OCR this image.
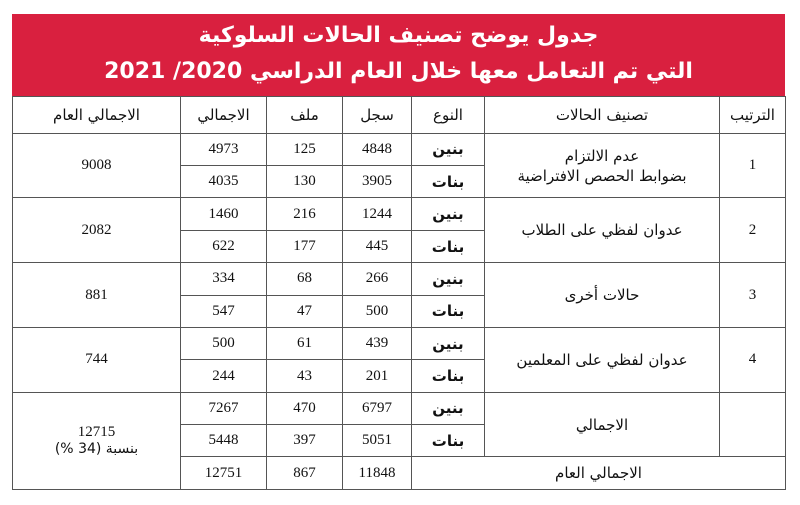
جدول يوضح تصنيف الحالات السلوكية
التي تم التعامل معها خلال العام الدراسي 2020/ 2021
الترتيب	تصنيف الحالات	النوع	سجل	ملف	الاجمالي	الاجمالي العام
1	عدم الالتزام
بضوابط الحصص الافتراضية	بنين	4848	125	4973	9008
		بنات	3905	130	4035	
2	عدوان لفظي على الطلاب	بنين	1244	216	1460	2082
		بنات	445	177	622	
3	حالات أخرى	بنين	266	68	334	881
		بنات	500	47	547	
4	عدوان لفظي على المعلمين	بنين	439	61	500	744
		بنات	201	43	244	
	الاجمالي	بنين	6797	470	7267	12715
بنسبة (34 %)

		بنات	5051	397	5448	
الاجمالي العام			11848	867	12751	
